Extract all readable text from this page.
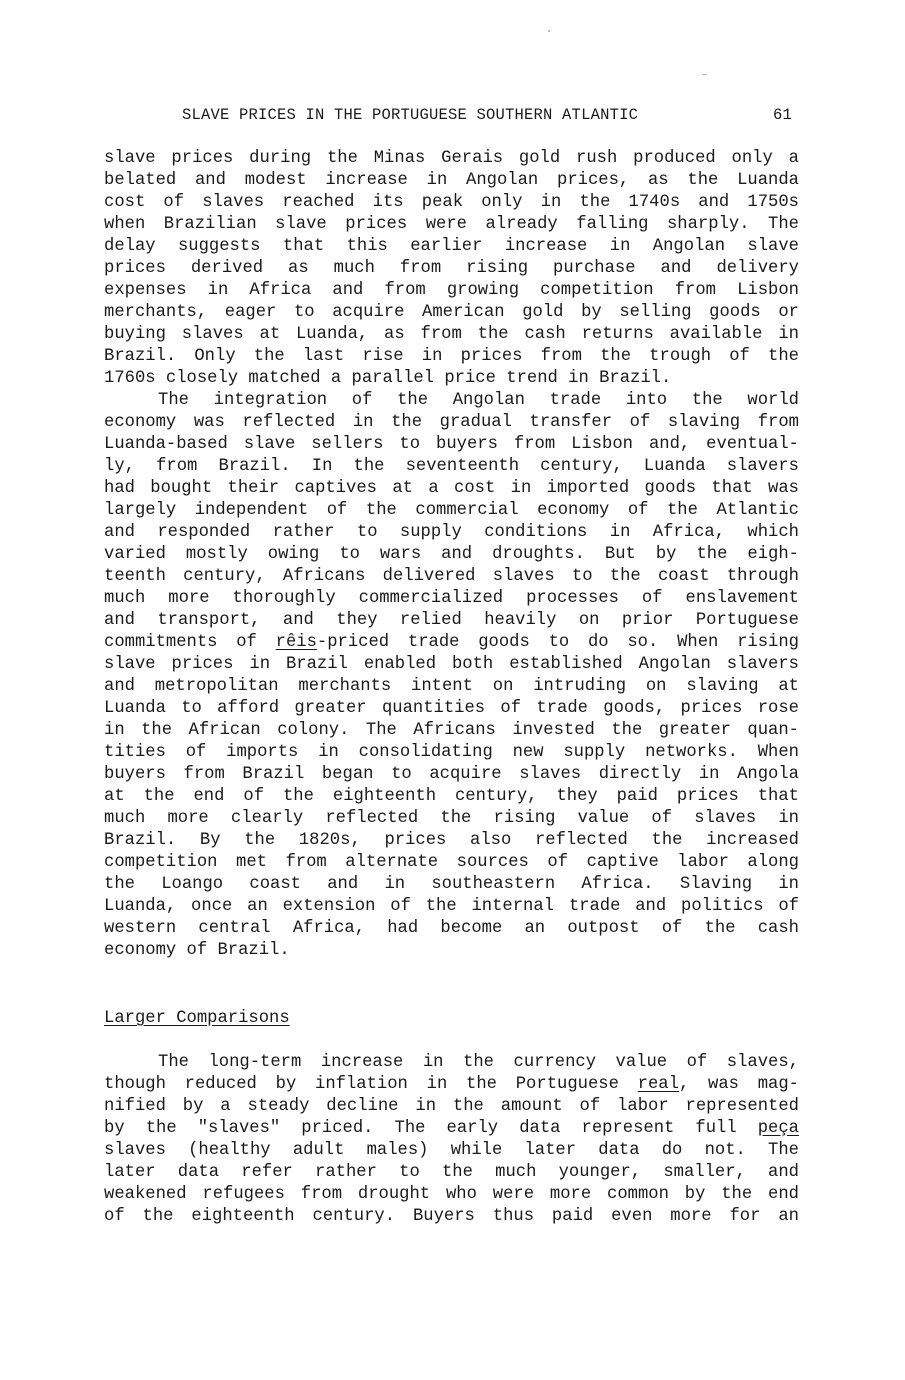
SLAVE PRICES IN THE PORTUGUESE SOUTHERN ATLANTIC	61
slave prices during the Minas Gerais gold rush produced only a
belated and modest increase in Angolan prices, as the Luanda
cost of slaves reached its peak only in the 1740s and 1750s
when Brazilian slave prices were already falling sharply. The
delay suggests that this earlier increase in Angolan slave
prices derived as much from rising purchase and delivery
expenses in Africa and from growing competition from Lisbon
merchants, eager to acquire American gold by selling goods or
buying slaves at Luanda, as from the cash returns available in
Brazil. Only the last rise in prices from the trough of the
1760s closely matched a parallel price trend in Brazil.
The integration of the Angolan trade into the world
economy was reflected in the gradual transfer of slaving from
Luanda-based slave sellers to buyers from Lisbon and, eventual-
ly, from Brazil. In the seventeenth century, Luanda slavers
had bought their captives at a cost in imported goods that was
largely independent of the commercial economy of the Atlantic
and responded rather to supply conditions in Africa, which
varied mostly owing to wars and droughts. But by the eigh-
teenth century, Africans delivered slaves to the coast through
much more thoroughly commercialized processes of enslavement
and transport, and they relied heavily on prior Portuguese
commitments of rêis-priced trade goods to do so. When rising
slave prices in Brazil enabled both established Angolan slavers
and metropolitan merchants intent on intruding on slaving at
Luanda to afford greater quantities of trade goods, prices rose
in the African colony. The Africans invested the greater quan-
tities of imports in consolidating new supply networks. When
buyers from Brazil began to acquire slaves directly in Angola
at the end of the eighteenth century, they paid prices that
much more clearly reflected the rising value of slaves in
Brazil. By the 1820s, prices also reflected the increased
competition met from alternate sources of captive labor along
the Loango coast and in southeastern Africa. Slaving in
Luanda, once an extension of the internal trade and politics of
western central Africa, had become an outpost of the cash
economy of Brazil.
Larger Comparisons
The long-term increase in the currency value of slaves,
though reduced by inflation in the Portuguese real, was mag-
nified by a steady decline in the amount of labor represented
by the "slaves" priced. The early data represent full peça
slaves (healthy adult males) while later data do not. The
later data refer rather to the much younger, smaller, and
weakened refugees from drought who were more common by the end
of the eighteenth century. Buyers thus paid even more for an
